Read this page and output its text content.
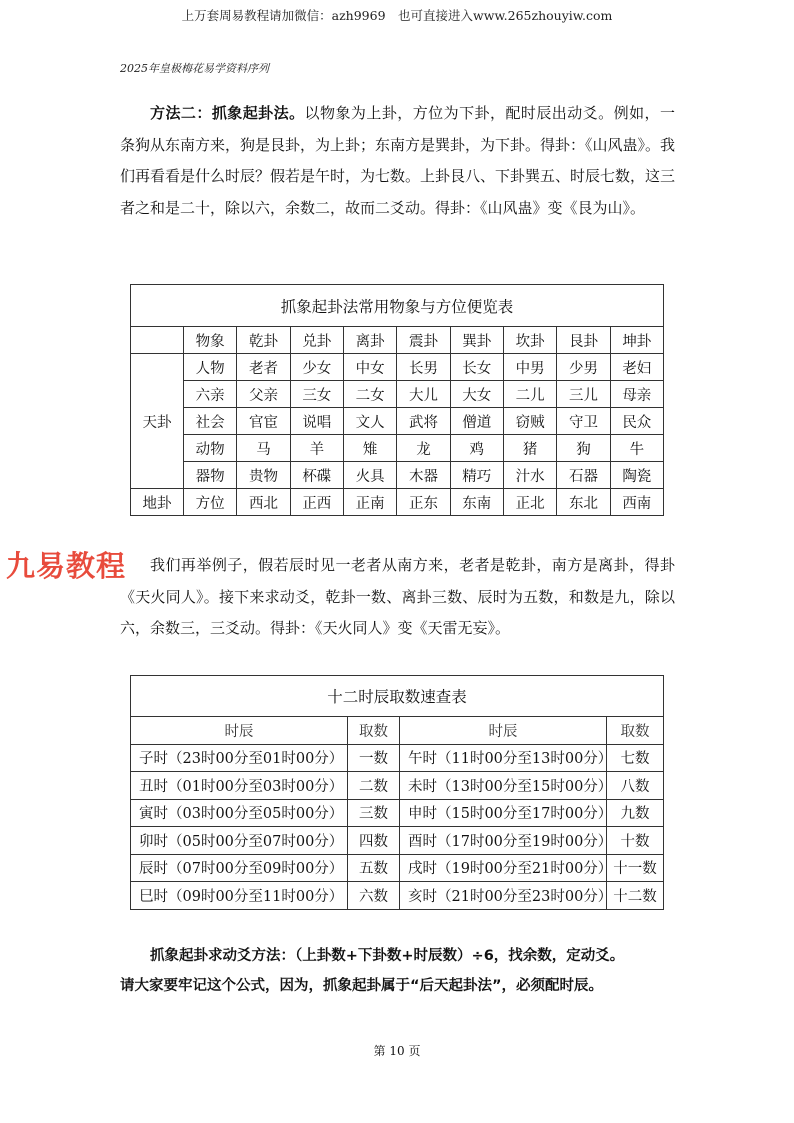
上万套周易教程请加微信：azh9969　也可直接进入www.265zhouyiw.com
2025年皇极梅花易学资料序列
方法二：抓象起卦法。以物象为上卦，方位为下卦，配时辰出动爻。例如，一条狗从东南方来，狗是艮卦，为上卦；东南方是巽卦，为下卦。得卦：《山风蛊》。我们再看看是什么时辰？假若是午时，为七数。上卦艮八、下卦巽五、时辰七数，这三者之和是二十，除以六，余数二，故而二爻动。得卦：《山风蛊》变《艮为山》。
抓象起卦法常用物象与方位便览表									
	物象	乾卦	兑卦	离卦	震卦	巽卦	坎卦	艮卦	坤卦
天卦	人物	老者	少女	中女	长男	长女	中男	少男	老妇
	六亲	父亲	三女	二女	大儿	大女	二儿	三儿	母亲
	社会	官宦	说唱	文人	武将	僧道	窃贼	守卫	民众
	动物	马	羊	雉	龙	鸡	猪	狗	牛
	器物	贵物	杯碟	火具	木器	精巧	汁水	石器	陶瓷
地卦	方位	西北	正西	正南	正东	东南	正北	东北	西南
九易教程	我们再举例子，假若辰时见一老者从南方来，老者是乾卦，南方是离卦，得卦《天火同人》。接下来求动爻，乾卦一数、离卦三数、辰时为五数，和数是九，除以六，余数三，三爻动。得卦：《天火同人》变《天雷无妄》。
十二时辰取数速查表			
时辰	取数	时辰	取数
子时（23时00分至01时00分）	一数	午时（11时00分至13时00分）	七数
丑时（01时00分至03时00分）	二数	未时（13时00分至15时00分）	八数
寅时（03时00分至05时00分）	三数	申时（15时00分至17时00分）	九数
卯时（05时00分至07时00分）	四数	酉时（17时00分至19时00分）	十数
辰时（07时00分至09时00分）	五数	戌时（19时00分至21时00分）	十一数
巳时（09时00分至11时00分）	六数	亥时（21时00分至23时00分）	十二数
抓象起卦求动爻方法：（上卦数+下卦数+时辰数）÷6，找余数，定动爻。
请大家要牢记这个公式，因为，抓象起卦属于“后天起卦法”，必须配时辰。
第 10 页
